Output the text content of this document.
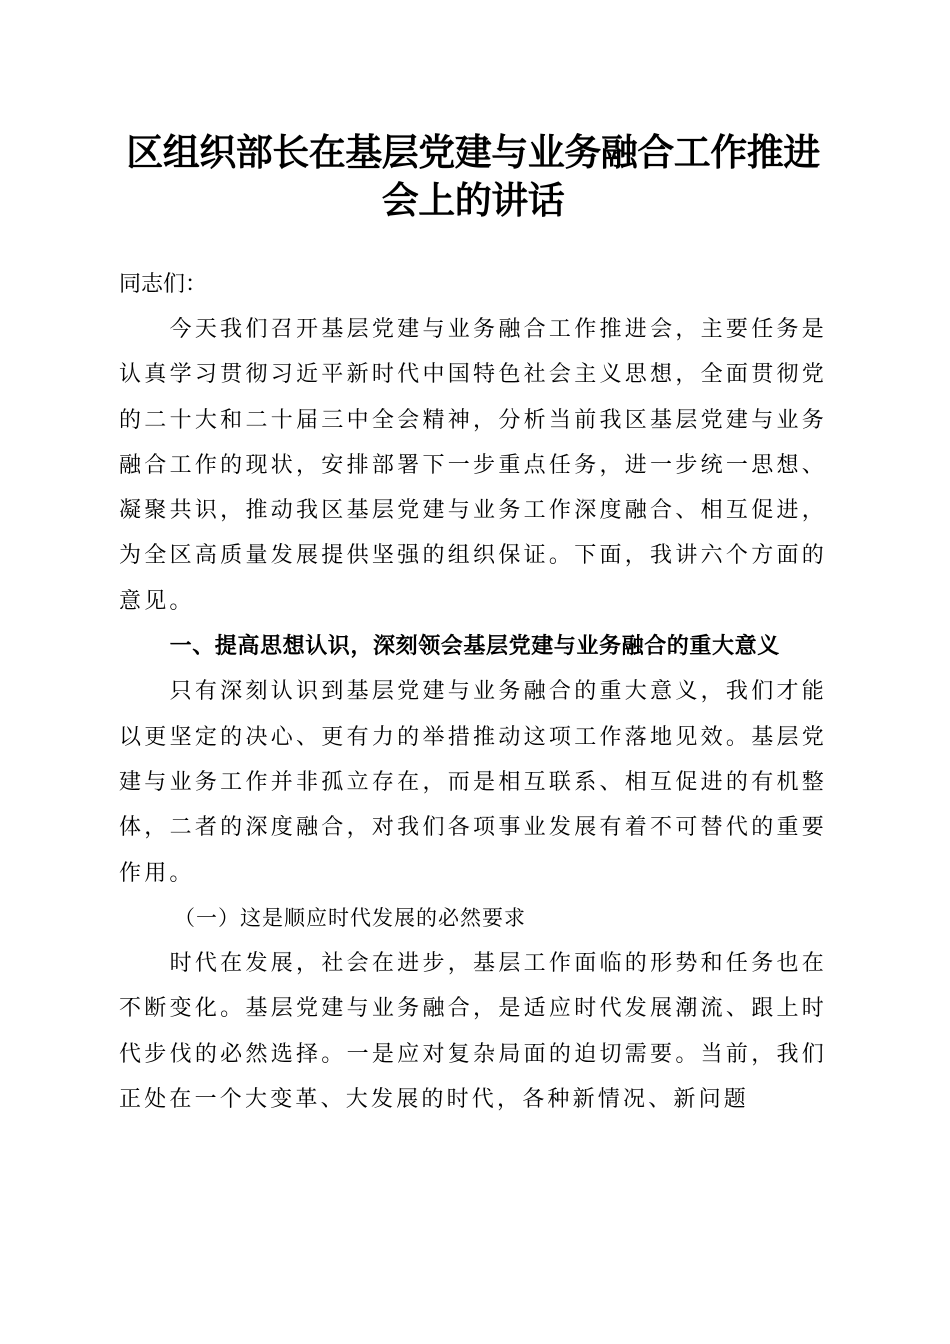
区组织部长在基层党建与业务融合工作推进会上的讲话

同志们：

今天我们召开基层党建与业务融合工作推进会，主要任务是认真学习贯彻习近平新时代中国特色社会主义思想，全面贯彻党的二十大和二十届三中全会精神，分析当前我区基层党建与业务融合工作的现状，安排部署下一步重点任务，进一步统一思想、凝聚共识，推动我区基层党建与业务工作深度融合、相互促进，为全区高质量发展提供坚强的组织保证。下面，我讲六个方面的意见。

一、提高思想认识，深刻领会基层党建与业务融合的重大意义

只有深刻认识到基层党建与业务融合的重大意义，我们才能以更坚定的决心、更有力的举措推动这项工作落地见效。基层党建与业务工作并非孤立存在，而是相互联系、相互促进的有机整体，二者的深度融合，对我们各项事业发展有着不可替代的重要作用。

（一）这是顺应时代发展的必然要求

时代在发展，社会在进步，基层工作面临的形势和任务也在不断变化。基层党建与业务融合，是适应时代发展潮流、跟上时代步伐的必然选择。一是应对复杂局面的迫切需要。当前，我们正处在一个大变革、大发展的时代，各种新情况、新问题
